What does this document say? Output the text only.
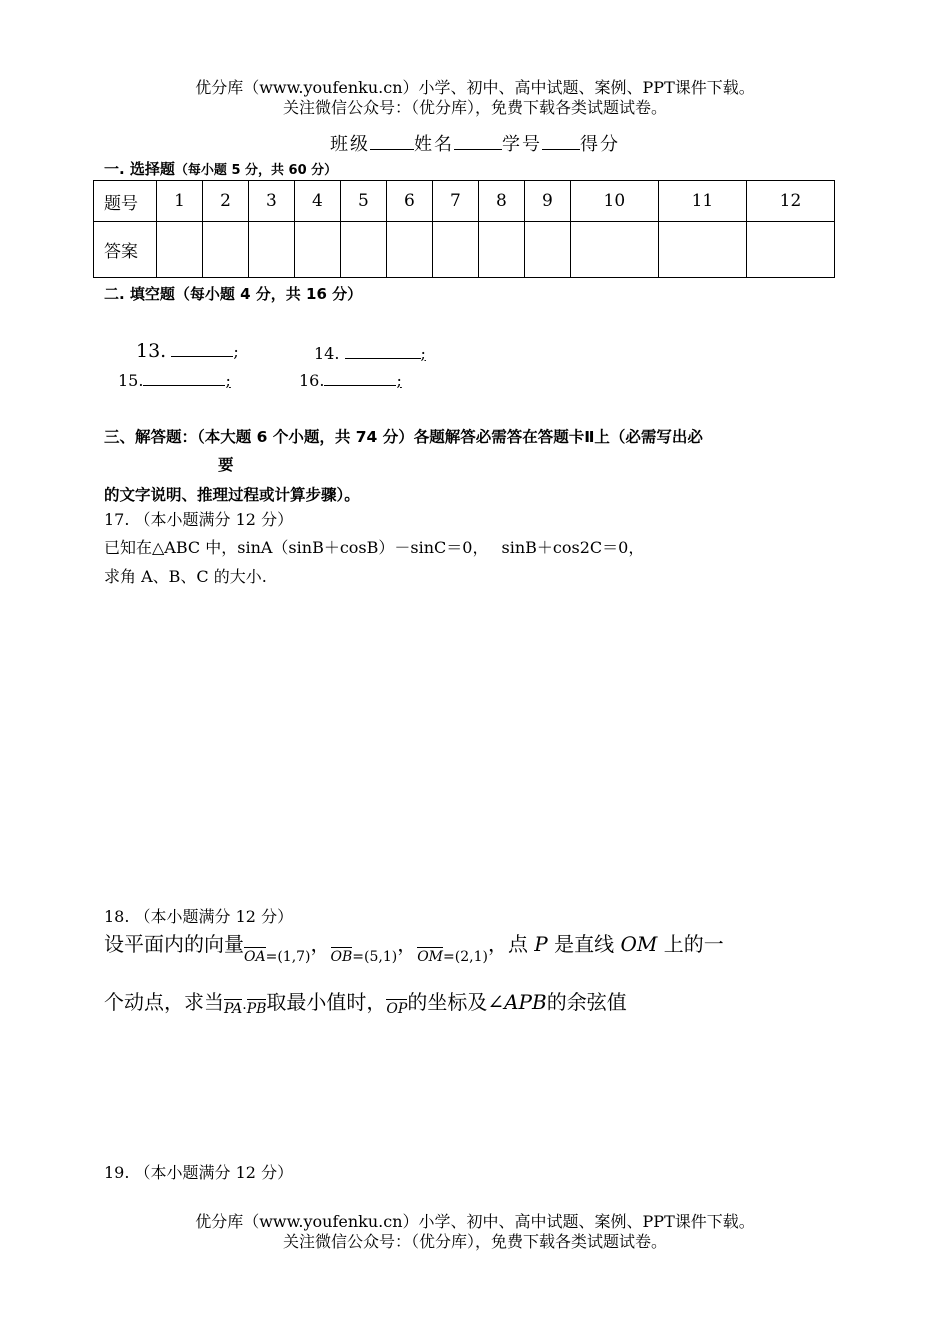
优分库（www.youfenku.cn）小学、初中、高中试题、案例、PPT课件下载。
关注微信公众号：（优分库），免费下载各类试题试卷。
班级 姓名	学号 得分
一. 选择题（每小题 5 分，共 60 分）
题号	1	2	3	4	5	6	7	8	9	10	11	12
答案												
二. 填空题（每小题 4 分，共 16 分）
13.	;	14.	;
15.	;	16.	;
三、解答题：（本大题 6 个小题，共 74 分）各题解答必需答在答题卡Ⅱ上（必需写出必
要
的文字说明、推理过程或计算步骤）。
17. （本小题满分 12 分）
已知在△ABC 中，sinA（sinB＋cosB）－sinC＝0，　 sinB＋cos2C＝0，
求角 A、B、C 的大小.
18. （本小题满分 12 分）
设平面内的向量OA=(1,7)，OB=(5,1)，OM=(2,1)，点 P 是直线 OM 上的一
个动点，求当PA·PB取最小值时，OP的坐标及∠APB的余弦值
19. （本小题满分 12 分）
优分库（www.youfenku.cn）小学、初中、高中试题、案例、PPT课件下载。
关注微信公众号：（优分库），免费下载各类试题试卷。
